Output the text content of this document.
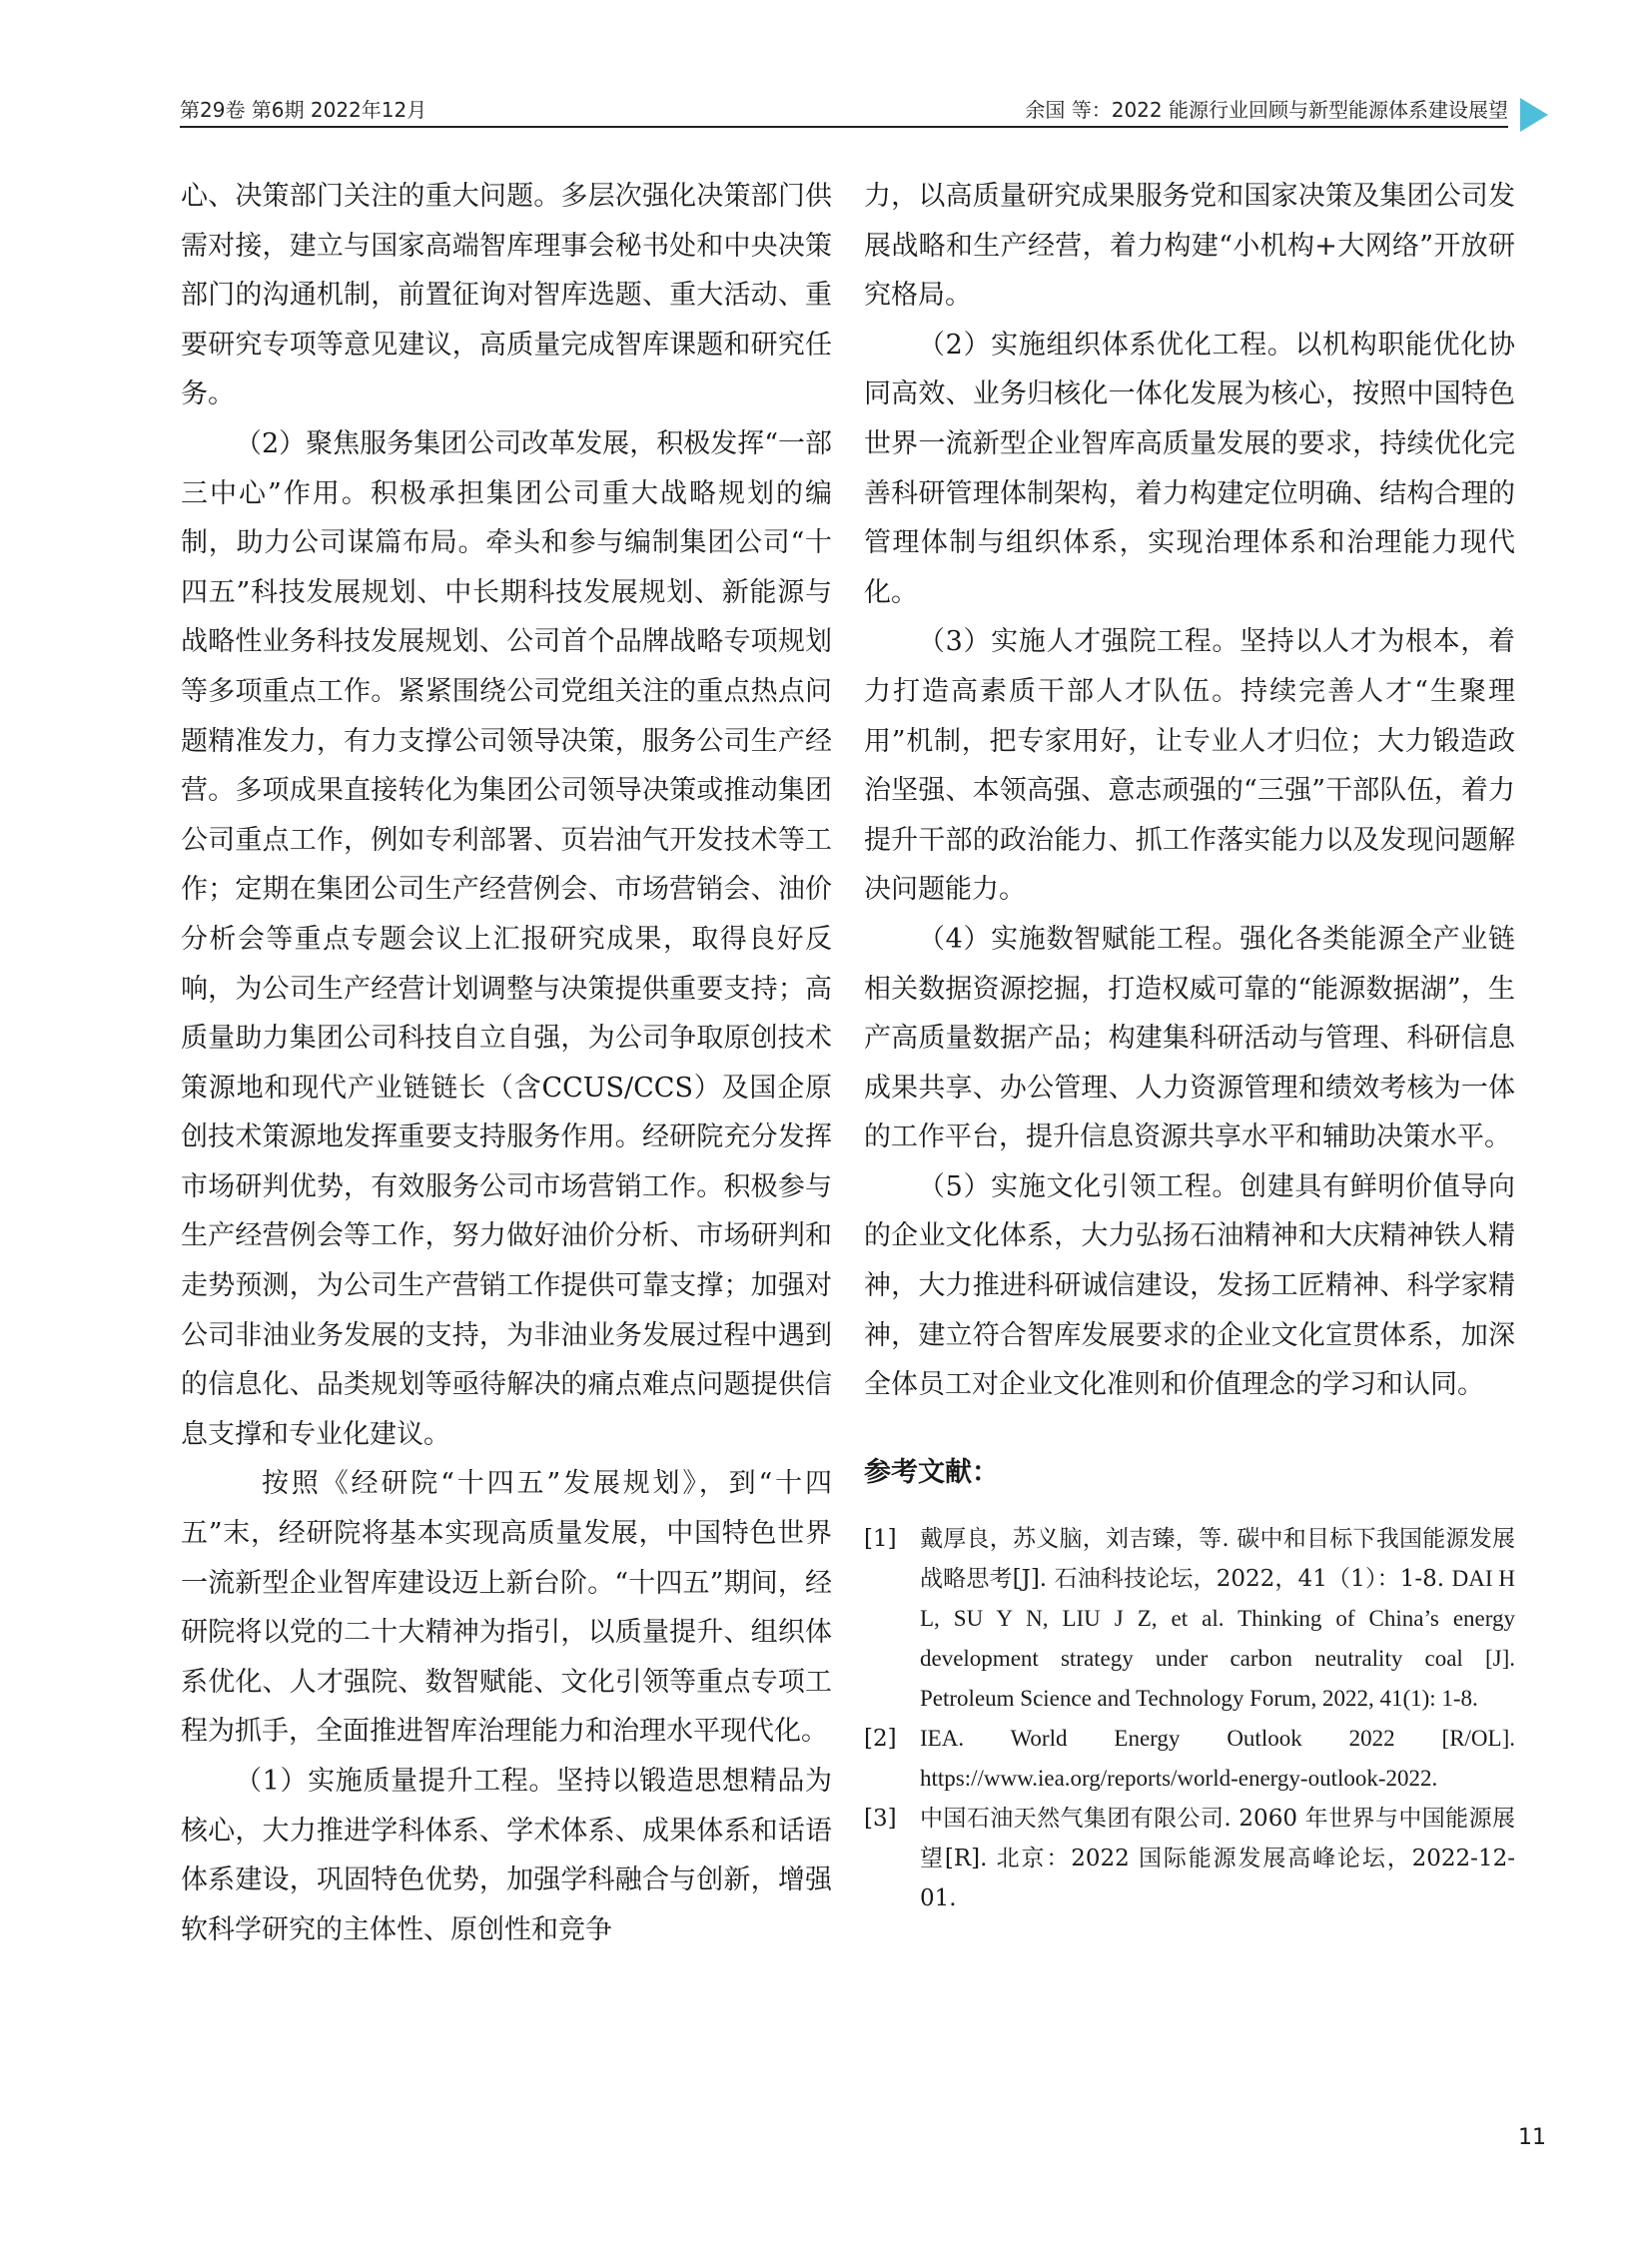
第29卷 第6期 2022年12月	余国 等：2022 能源行业回顾与新型能源体系建设展望

心、决策部门关注的重大问题。多层次强化决策部门供需对接，建立与国家高端智库理事会秘书处和中央决策部门的沟通机制，前置征询对智库选题、重大活动、重要研究专项等意见建议，高质量完成智库课题和研究任务。

（2）聚焦服务集团公司改革发展，积极发挥“一部三中心”作用。积极承担集团公司重大战略规划的编制，助力公司谋篇布局。牵头和参与编制集团公司“十四五”科技发展规划、中长期科技发展规划、新能源与战略性业务科技发展规划、公司首个品牌战略专项规划等多项重点工作。紧紧围绕公司党组关注的重点热点问题精准发力，有力支撑公司领导决策，服务公司生产经营。多项成果直接转化为集团公司领导决策或推动集团公司重点工作，例如专利部署、页岩油气开发技术等工作；定期在集团公司生产经营例会、市场营销会、油价分析会等重点专题会议上汇报研究成果，取得良好反响，为公司生产经营计划调整与决策提供重要支持；高质量助力集团公司科技自立自强，为公司争取原创技术策源地和现代产业链链长（含CCUS/CCS）及国企原创技术策源地发挥重要支持服务作用。经研院充分发挥市场研判优势，有效服务公司市场营销工作。积极参与生产经营例会等工作，努力做好油价分析、市场研判和走势预测，为公司生产营销工作提供可靠支撑；加强对公司非油业务发展的支持，为非油业务发展过程中遇到的信息化、品类规划等亟待解决的痛点难点问题提供信息支撑和专业化建议。

按照《经研院“十四五”发展规划》，到“十四五”末，经研院将基本实现高质量发展，中国特色世界一流新型企业智库建设迈上新台阶。“十四五”期间，经研院将以党的二十大精神为指引，以质量提升、组织体系优化、人才强院、数智赋能、文化引领等重点专项工程为抓手，全面推进智库治理能力和治理水平现代化。

（1）实施质量提升工程。坚持以锻造思想精品为核心，大力推进学科体系、学术体系、成果体系和话语体系建设，巩固特色优势，加强学科融合与创新，增强软科学研究的主体性、原创性和竞争

力，以高质量研究成果服务党和国家决策及集团公司发展战略和生产经营，着力构建“小机构+大网络”开放研究格局。

（2）实施组织体系优化工程。以机构职能优化协同高效、业务归核化一体化发展为核心，按照中国特色世界一流新型企业智库高质量发展的要求，持续优化完善科研管理体制架构，着力构建定位明确、结构合理的管理体制与组织体系，实现治理体系和治理能力现代化。

（3）实施人才强院工程。坚持以人才为根本，着力打造高素质干部人才队伍。持续完善人才“生聚理用”机制，把专家用好，让专业人才归位；大力锻造政治坚强、本领高强、意志顽强的“三强”干部队伍，着力提升干部的政治能力、抓工作落实能力以及发现问题解决问题能力。

（4）实施数智赋能工程。强化各类能源全产业链相关数据资源挖掘，打造权威可靠的“能源数据湖”，生产高质量数据产品；构建集科研活动与管理、科研信息成果共享、办公管理、人力资源管理和绩效考核为一体的工作平台，提升信息资源共享水平和辅助决策水平。

（5）实施文化引领工程。创建具有鲜明价值导向的企业文化体系，大力弘扬石油精神和大庆精神铁人精神，大力推进科研诚信建设，发扬工匠精神、科学家精神，建立符合智库发展要求的企业文化宣贯体系，加深全体员工对企业文化准则和价值理念的学习和认同。

参考文献：
[1] 戴厚良，苏义脑，刘吉臻，等. 碳中和目标下我国能源发展战略思考[J]. 石油科技论坛，2022，41（1）：1-8. DAI H L, SU Y N, LIU J Z, et al. Thinking of China’s energy development strategy under carbon neutrality coal [J]. Petroleum Science and Technology Forum, 2022, 41(1): 1-8.
[2] IEA. World Energy Outlook 2022 [R/OL]. https://www.iea.org/reports/world-energy-outlook-2022.
[3] 中国石油天然气集团有限公司. 2060 年世界与中国能源展望[R]. 北京：2022 国际能源发展高峰论坛，2022-12-01.
11
